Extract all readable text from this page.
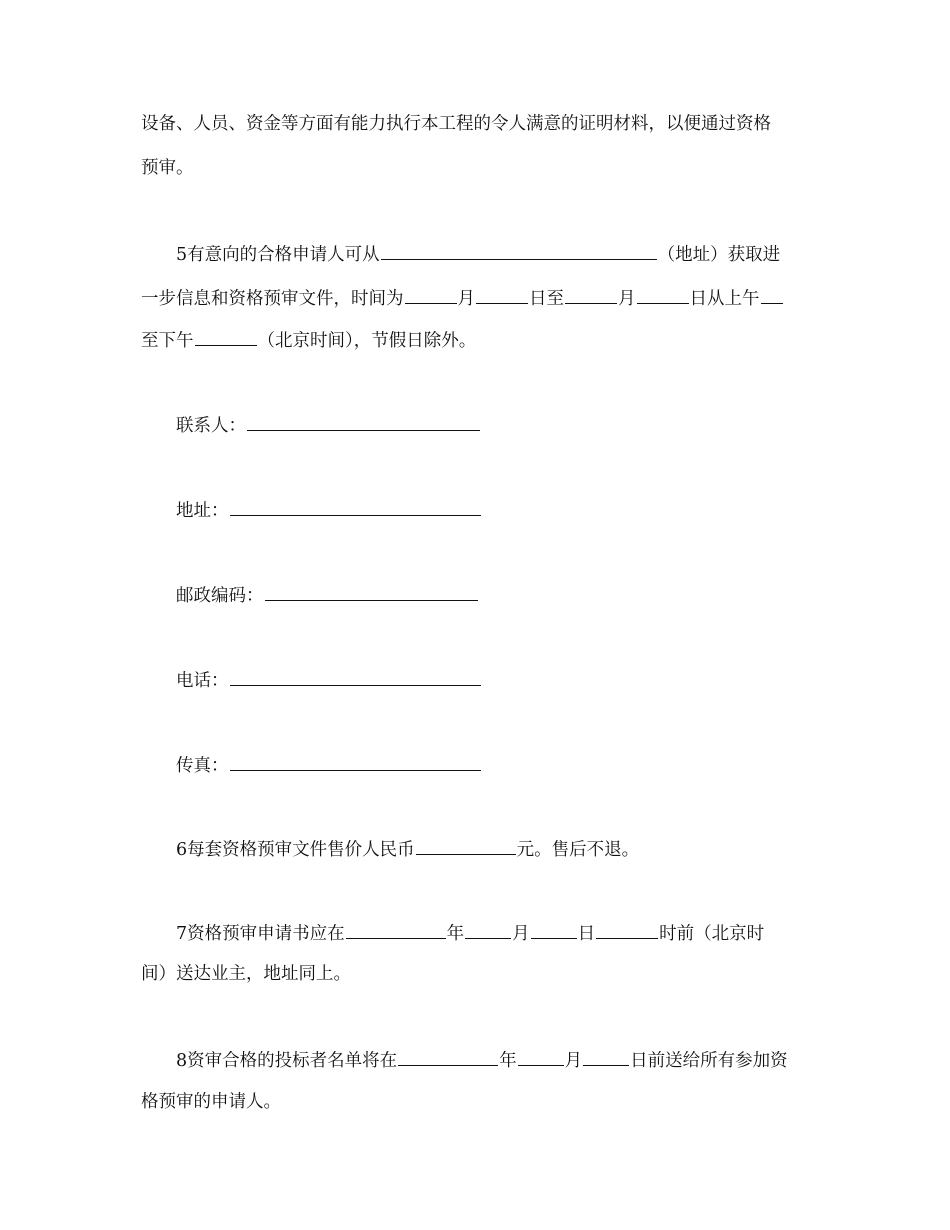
设备、人员、资金等方面有能力执行本工程的令人满意的证明材料，以便通过资格
预审。
5有意向的合格申请人可从	（地址）获取进
一步信息和资格预审文件，时间为	月	日至	月	日从上午
至下午	（北京时间），节假日除外。
联系人：
地址：
邮政编码：
电话：
传真：
6每套资格预审文件售价人民币	元。售后不退。
7资格预审申请书应在	年	月	日	时前（北京时
间）送达业主，地址同上。
8资审合格的投标者名单将在	年	月	日前送给所有参加资
格预审的申请人。
